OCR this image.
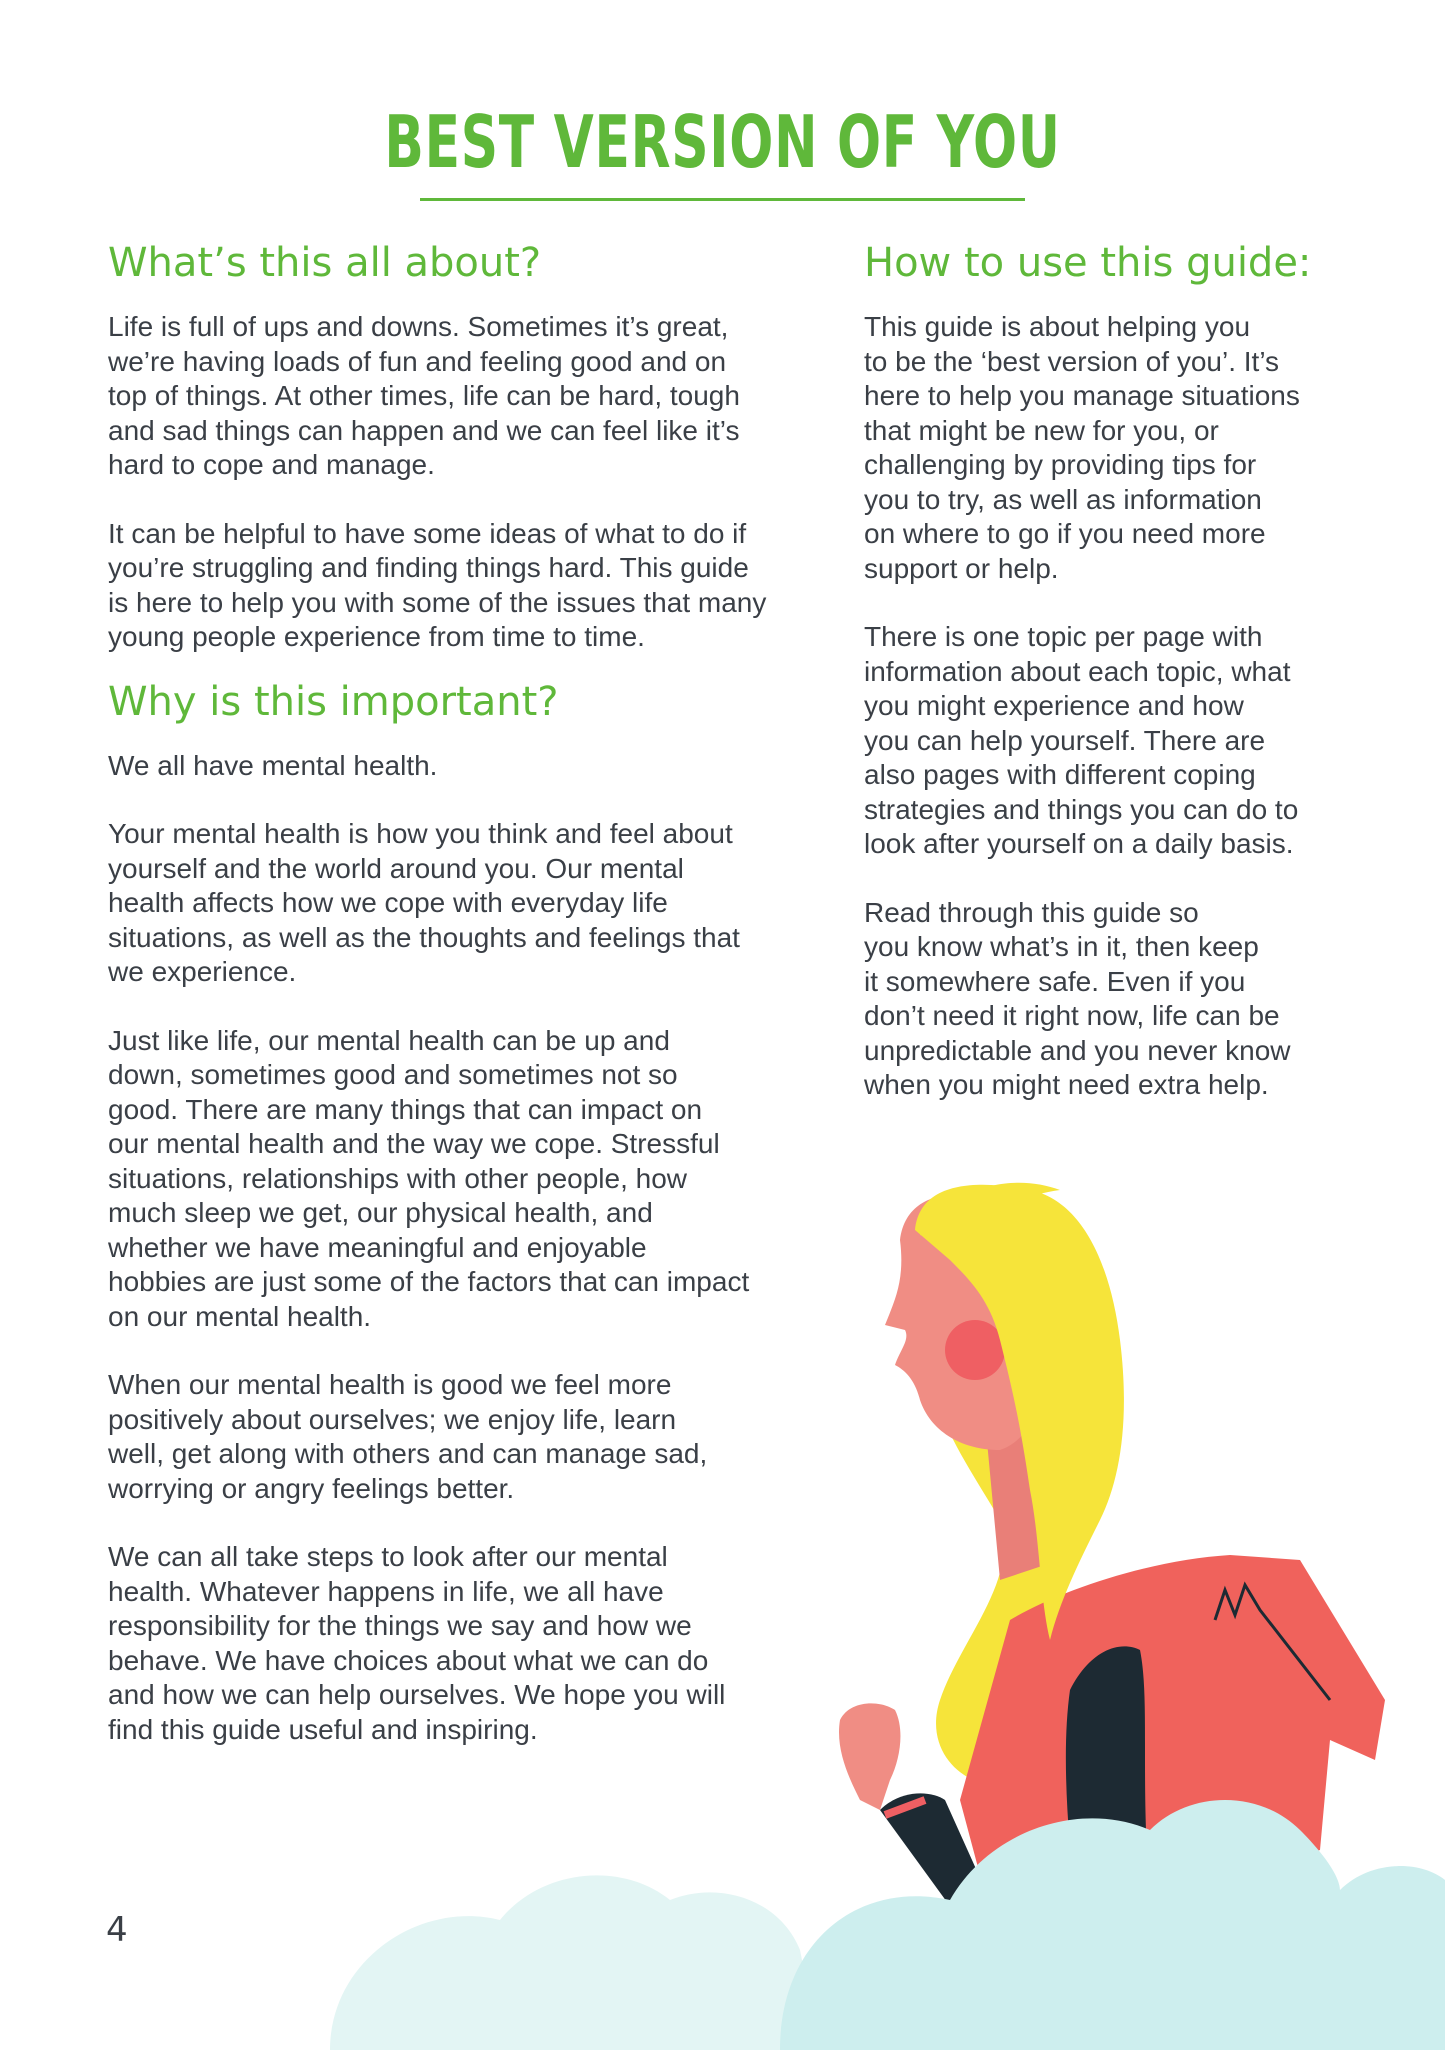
BEST VERSION OF YOU
What’s this all about?

Life is full of ups and downs. Sometimes it’s great,
we’re having loads of fun and feeling good and on
top of things. At other times, life can be hard, tough
and sad things can happen and we can feel like it’s
hard to cope and manage.

It can be helpful to have some ideas of what to do if
you’re struggling and finding things hard. This guide
is here to help you with some of the issues that many
young people experience from time to time.

Why is this important?

We all have mental health.

Your mental health is how you think and feel about
yourself and the world around you. Our mental
health affects how we cope with everyday life
situations, as well as the thoughts and feelings that
we experience.

Just like life, our mental health can be up and
down, sometimes good and sometimes not so
good. There are many things that can impact on
our mental health and the way we cope. Stressful
situations, relationships with other people, how
much sleep we get, our physical health, and
whether we have meaningful and enjoyable
hobbies are just some of the factors that can impact
on our mental health.

When our mental health is good we feel more
positively about ourselves; we enjoy life, learn
well, get along with others and can manage sad,
worrying or angry feelings better.

We can all take steps to look after our mental
health. Whatever happens in life, we all have
responsibility for the things we say and how we
behave. We have choices about what we can do
and how we can help ourselves. We hope you will
find this guide useful and inspiring.

How to use this guide:

This guide is about helping you
to be the ‘best version of you’. It’s
here to help you manage situations
that might be new for you, or
challenging by providing tips for
you to try, as well as information
on where to go if you need more
support or help.

There is one topic per page with
information about each topic, what
you might experience and how
you can help yourself. There are
also pages with different coping
strategies and things you can do to
look after yourself on a daily basis.

Read through this guide so
you know what’s in it, then keep
it somewhere safe. Even if you
don’t need it right now, life can be
unpredictable and you never know
when you might need extra help.

4
